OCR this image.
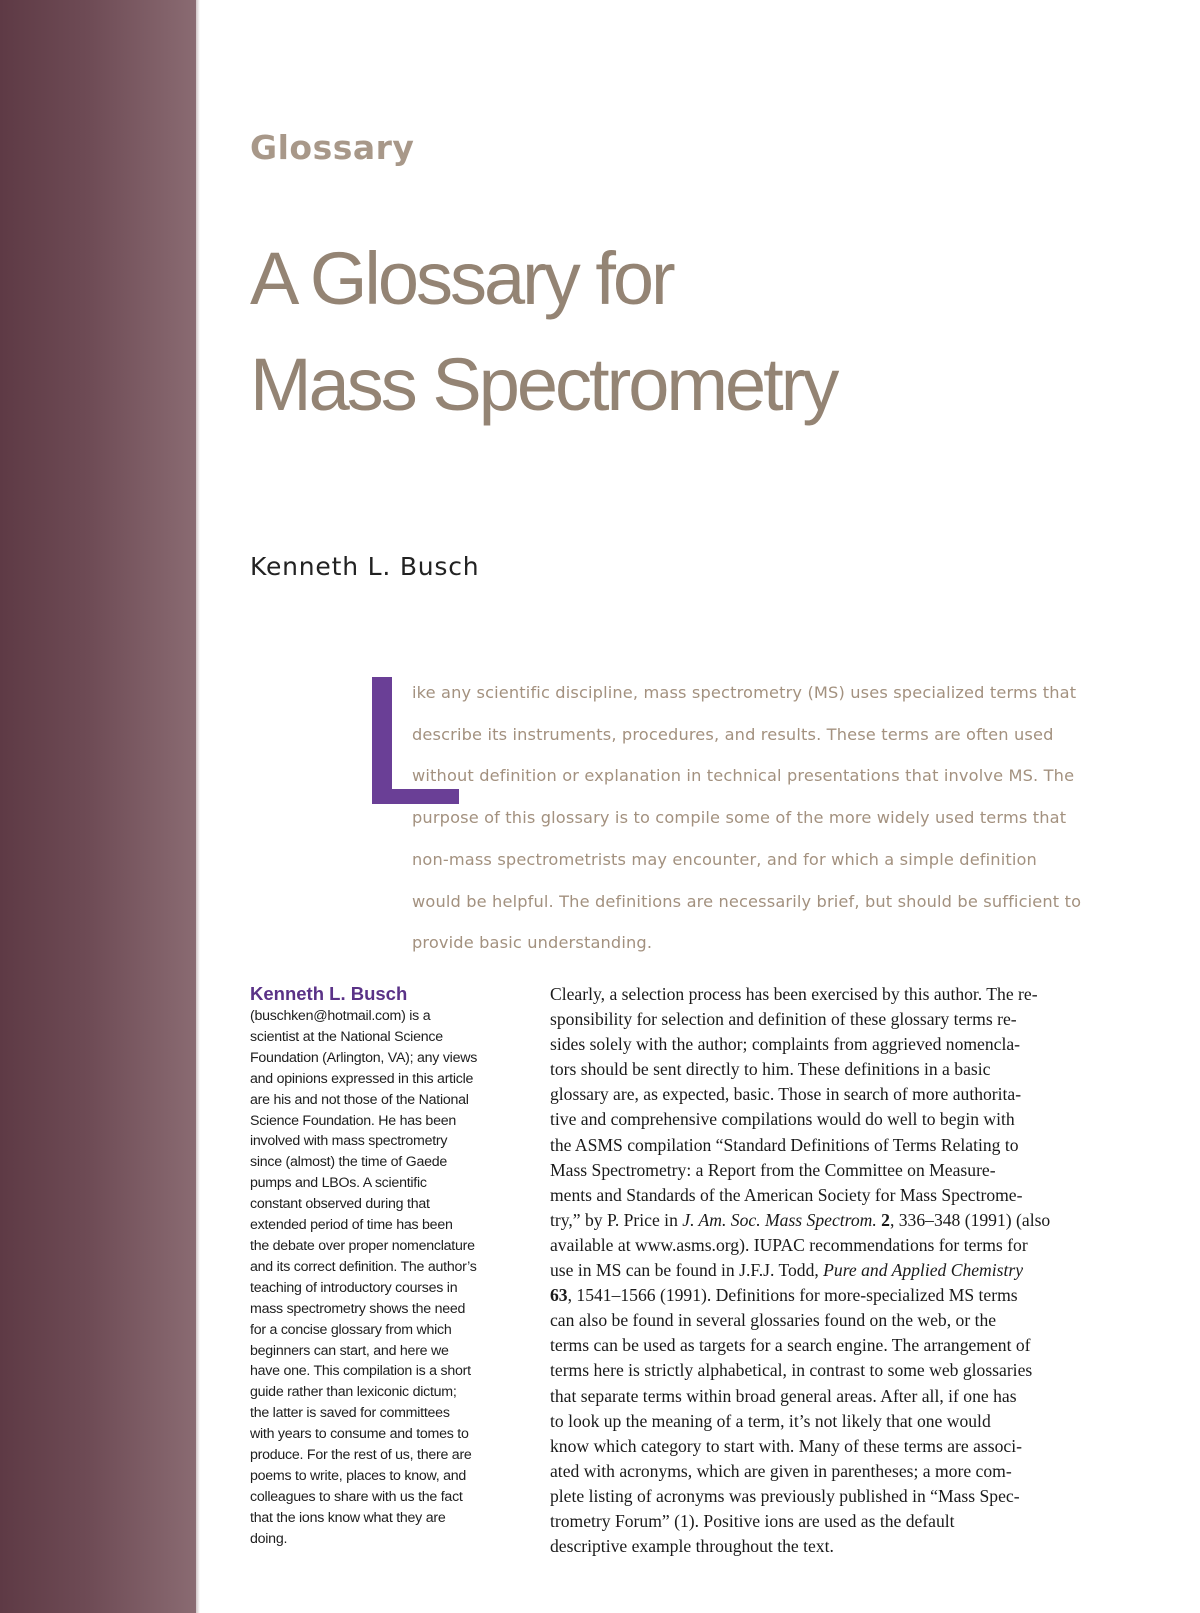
Glossary
A Glossary for
Mass Spectrometry

Kenneth L. Busch

ike any scientific discipline, mass spectrometry (MS) uses specialized terms that
describe its instruments, procedures, and results. These terms are often used
without definition or explanation in technical presentations that involve MS. The
purpose of this glossary is to compile some of the more widely used terms that
non-mass spectrometrists may encounter, and for which a simple definition
would be helpful. The definitions are necessarily brief, but should be sufficient to
provide basic understanding.

Kenneth L. Busch
(buschken@hotmail.com) is a
scientist at the National Science
Foundation (Arlington, VA); any views
and opinions expressed in this article
are his and not those of the National
Science Foundation. He has been
involved with mass spectrometry
since (almost) the time of Gaede
pumps and LBOs. A scientific
constant observed during that
extended period of time has been
the debate over proper nomenclature
and its correct definition. The author’s
teaching of introductory courses in
mass spectrometry shows the need
for a concise glossary from which
beginners can start, and here we
have one. This compilation is a short
guide rather than lexiconic dictum;
the latter is saved for committees
with years to consume and tomes to
produce. For the rest of us, there are
poems to write, places to know, and
colleagues to share with us the fact
that the ions know what they are
doing.
Clearly, a selection process has been exercised by this author. The re-
sponsibility for selection and definition of these glossary terms re-
sides solely with the author; complaints from aggrieved nomencla-
tors should be sent directly to him. These definitions in a basic
glossary are, as expected, basic. Those in search of more authorita-
tive and comprehensive compilations would do well to begin with
the ASMS compilation “Standard Definitions of Terms Relating to
Mass Spectrometry: a Report from the Committee on Measure-
ments and Standards of the American Society for Mass Spectrome-
try,” by P. Price in J. Am. Soc. Mass Spectrom. 2, 336–348 (1991) (also
available at www.asms.org). IUPAC recommendations for terms for
use in MS can be found in J.F.J. Todd, Pure and Applied Chemistry
63, 1541–1566 (1991). Definitions for more-specialized MS terms
can also be found in several glossaries found on the web, or the
terms can be used as targets for a search engine. The arrangement of
terms here is strictly alphabetical, in contrast to some web glossaries
that separate terms within broad general areas. After all, if one has
to look up the meaning of a term, it’s not likely that one would
know which category to start with. Many of these terms are associ-
ated with acronyms, which are given in parentheses; a more com-
plete listing of acronyms was previously published in “Mass Spec-
trometry Forum” (1). Positive ions are used as the default
descriptive example throughout the text.
